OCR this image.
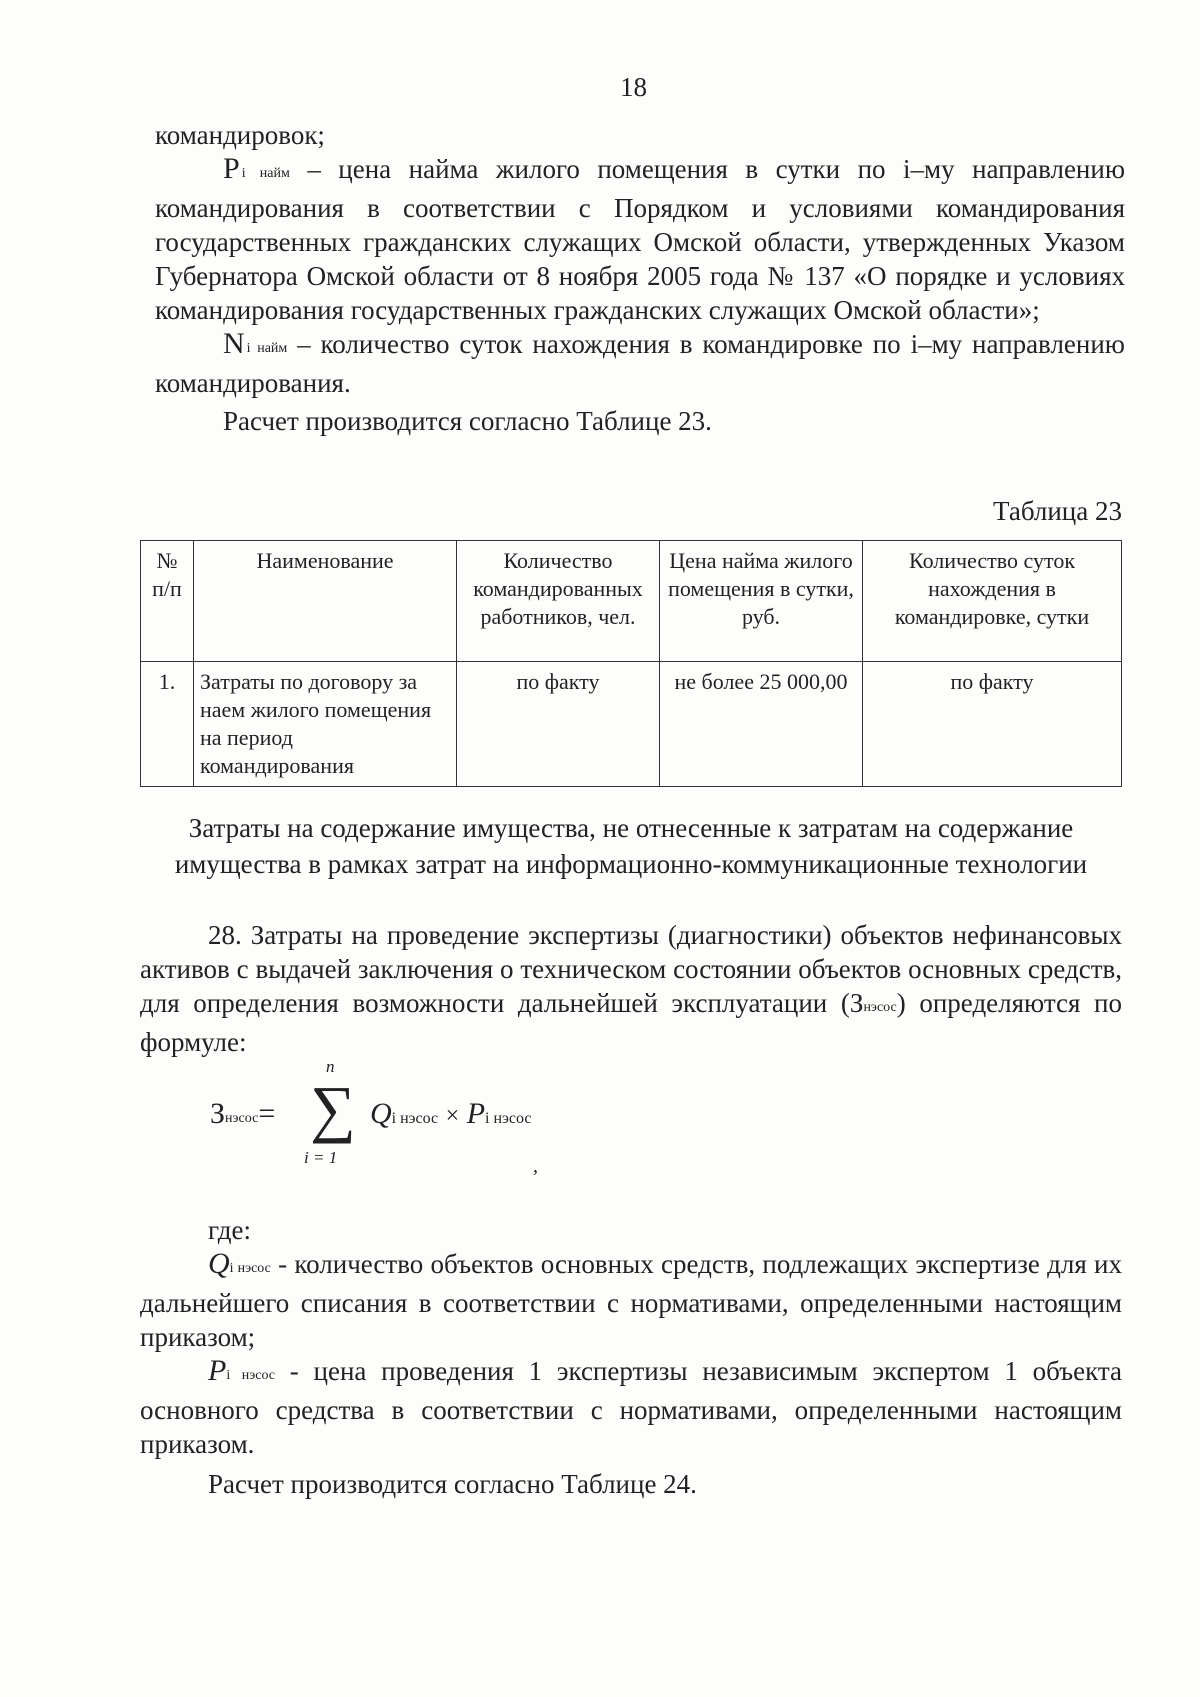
18
командировок;
Pi найм – цена найма жилого помещения в сутки по i–му направлению командирования в соответствии с Порядком и условиями командирования государственных гражданских служащих Омской области, утвержденных Указом Губернатора Омской области от 8 ноября 2005 года № 137 «О порядке и условиях командирования государственных гражданских служащих Омской области»;
Ni найм – количество суток нахождения в командировке по i–му направлению командирования.
Расчет производится согласно Таблице 23.
Таблица 23
№ п/п	Наименование	Количество командированных работников, чел.	Цена найма жилого помещения в сутки, руб.	Количество суток нахождения в командировке, сутки
1.	Затраты по договору за наем жилого помещения на период командирования	по факту	не более 25 000,00	по факту
Затраты на содержание имущества, не отнесенные к затратам на содержание имущества в рамках затрат на информационно-коммуникационные технологии
28. Затраты на проведение экспертизы (диагностики) объектов нефинансовых активов с выдачей заключения о техническом состоянии объектов основных средств, для определения возможности дальнейшей эксплуатации (Знэсос) определяются по формуле:
Знэсос=
n
∑
i = 1
Qi нэсос × Pi нэсос
,
где:
Qi нэсос - количество объектов основных средств, подлежащих экспертизе для их дальнейшего списания в соответствии с нормативами, определенными настоящим приказом;
Pi нэсос - цена проведения 1 экспертизы независимым экспертом 1 объекта основного средства в соответствии с нормативами, определенными настоящим приказом.
Расчет производится согласно Таблице 24.
